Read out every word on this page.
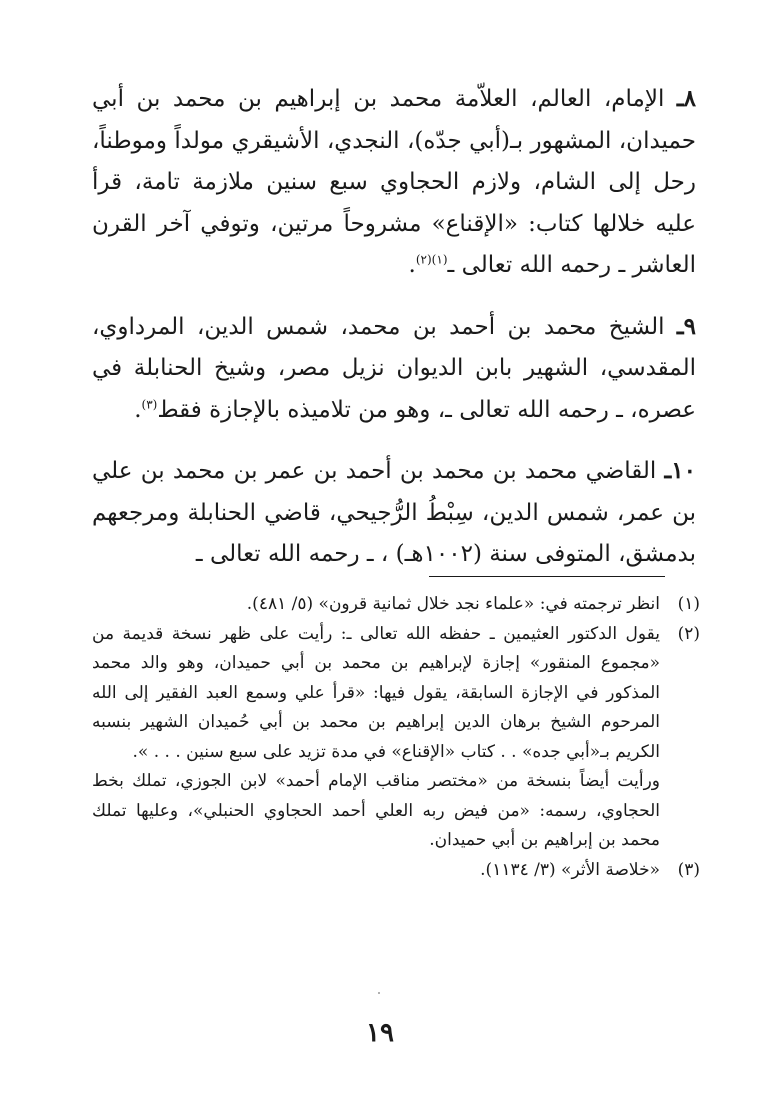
٨ـ الإمام، العالم، العلاّمة محمد بن إبراهيم بن محمد بن أبي حميدان، المشهور بـ(أبي جدّه)، النجدي، الأشيقري مولداً وموطناً، رحل إلى الشام، ولازم الحجاوي سبع سنين ملازمة تامة، قرأ عليه خلالها كتاب: «الإقناع» مشروحاً مرتين، وتوفي آخر القرن العاشر ـ رحمه الله تعالى ـ$^{(١)(٢)}$.

٩ـ الشيخ محمد بن أحمد بن محمد، شمس الدين، المرداوي، المقدسي، الشهير بابن الديوان نزيل مصر، وشيخ الحنابلة في عصره، ـ رحمه الله تعالى ـ، وهو من تلاميذه بالإجازة فقط$^{(٣)}$.

١٠ـ القاضي محمد بن محمد بن أحمد بن عمر بن محمد بن علي بن عمر، شمس الدين، سِبْطُ الرُّجيحي، قاضي الحنابلة ومرجعهم بدمشق، المتوفى سنة (١٠٠٢هـ) ، ـ رحمه الله تعالى ـ

(١)
انظر ترجمته في: «علماء نجد خلال ثمانية قرون» (٥/ ٤٨١).
(٢)
يقول الدكتور العثيمين ـ حفظه الله تعالى ـ: رأيت على ظهر نسخة قديمة من «مجموع المنقور» إجازة لإبراهيم بن محمد بن أبي حميدان، وهو والد محمد المذكور في الإجازة السابقة، يقول فيها: «قرأ علي وسمع العبد الفقير إلى الله المرحوم الشيخ برهان الدين إبراهيم بن محمد بن أبي حُميدان الشهير بنسبه الكريم بـ«أبي جده» . . كتاب «الإقناع» في مدة تزيد على سبع سنين . . . ».
ورأيت أيضاً بنسخة من «مختصر مناقب الإمام أحمد» لابن الجوزي، تملك بخط الحجاوي، رسمه: «من فيض ربه العلي أحمد الحجاوي الحنبلي»، وعليها تملك محمد بن إبراهيم بن أبي حميدان.
(٣)
«خلاصة الأثر» (٣/ ١١٣٤).
١٩
